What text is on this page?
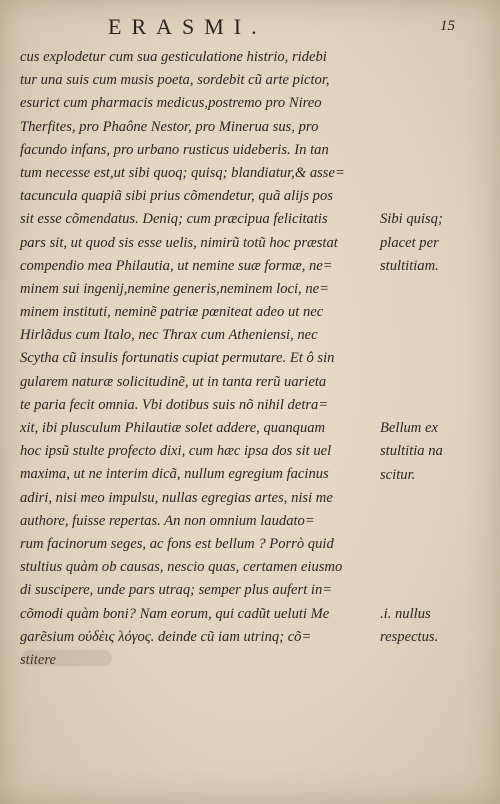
ERASMI.	15
cus explodetur cum sua gesticulatione histrio, ridebi
tur una suis cum musis poeta, sordebit cũ arte pictor,
esurict cum pharmacis medicus,postremo pro Nireo
Therfites, pro Phaône Nestor, pro Minerua sus, pro
facundo infans, pro urbano rusticus uideberis. In tan
tum necesse est,ut sibi quoq; quisq; blandiatur,& asse=
tacuncula quapiã sibi prius cõmendetur, quã alijs pos
sit esse cõmendatus. Deniq; cum præcipua felicitatis
pars sit, ut quod sis esse uelis, nimirũ totũ hoc præstat
compendio mea Philautia, ut nemine suæ formæ, ne=
minem sui ingenij,nemine generis,neminem loci, ne=
minem instituti, neminẽ patriæ pœniteat adeo ut nec
Hirlãdus cum Italo, nec Thrax cum Atheniensi, nec
Scytha cũ insulis fortunatis cupiat permutare. Et ô sin
gularem naturæ solicitudinẽ, ut in tanta rerũ uarieta
te paria fecit omnia. Vbi dotibus suis nõ nihil detra=
xit, ibi plusculum Philautiæ solet addere, quanquam
hoc ipsũ stulte profecto dixi, cum hæc ipsa dos sit uel
maxima, ut ne interim dicã, nullum egregium facinus
adiri, nisi meo impulsu, nullas egregias artes, nisi me
authore, fuisse repertas. An non omnium laudato=
rum facinorum seges, ac fons est bellum ? Porrò quid
stultius quàm ob causas, nescio quas, certamen eiusmo
di suscipere, unde pars utraq; semper plus aufert in=
cõmodi quàm boni? Nam eorum, qui cadũt ueluti Me
garẽsium οὐδὲις λόγος. deinde cũ iam utrinq; cõ=
stitere
Sibi quisq;
placet per
stultitiam.
Bellum ex
stultitia na
scitur.
.i. nullus
respectus.
